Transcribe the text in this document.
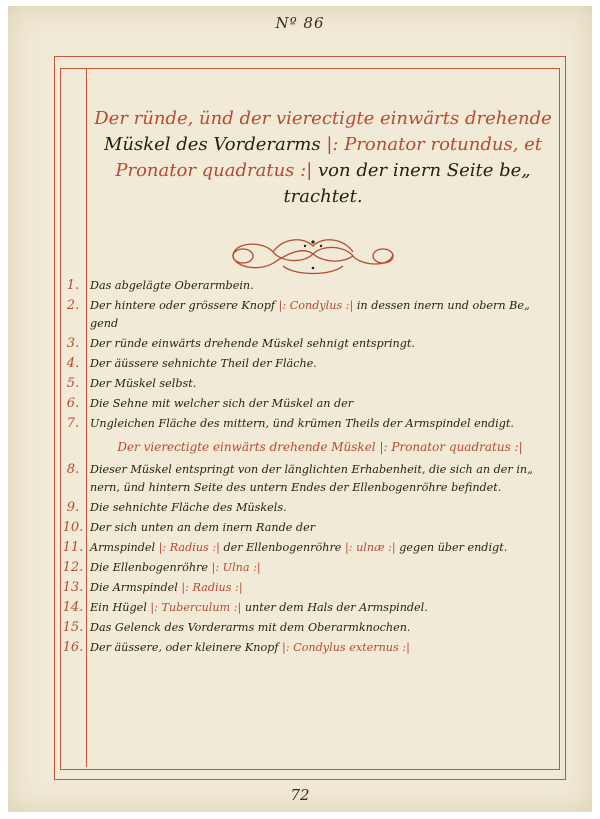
Nº 86
Der ründe, ünd der vierectigte einwärts drehende
Müskel des Vorderarms |: Pronator rotundus, et
Pronator quadratus :| von der inern Seite be„
trachtet.
1. Das abgelägte Oberarmbein.
2. Der hintere oder grössere Knopf |: Condylus :| in dessen inern und obern Be„
gend
3. Der ründe einwärts drehende Müskel sehnigt entspringt.
4. Der äüssere sehnichte Theil der Fläche.
5. Der Müskel selbst.
6. Die Sehne mit welcher sich der Müskel an der
7. Ungleichen Fläche des mittern, ünd krümen Theils der Armspindel endigt.
Der vierectigte einwärts drehende Müskel |: Pronator quadratus :|
8. Dieser Müskel entspringt von der länglichten Erhabenheit, die sich an der in„
nern, ünd hintern Seite des untern Endes der Ellenbogenröhre befindet.
9. Die sehnichte Fläche des Müskels.
10. Der sich unten an dem inern Rande der
11. Armspindel |: Radius :| der Ellenbogenröhre |: ulnæ :| gegen über endigt.
12. Die Ellenbogenröhre |: Ulna :|
13. Die Armspindel |: Radius :|
14. Ein Hügel |: Tuberculum :| unter dem Hals der Armspindel.
15. Das Gelenck des Vorderarms mit dem Oberarmknochen.
16. Der äüssere, oder kleinere Knopf |: Condylus externus :|
72
